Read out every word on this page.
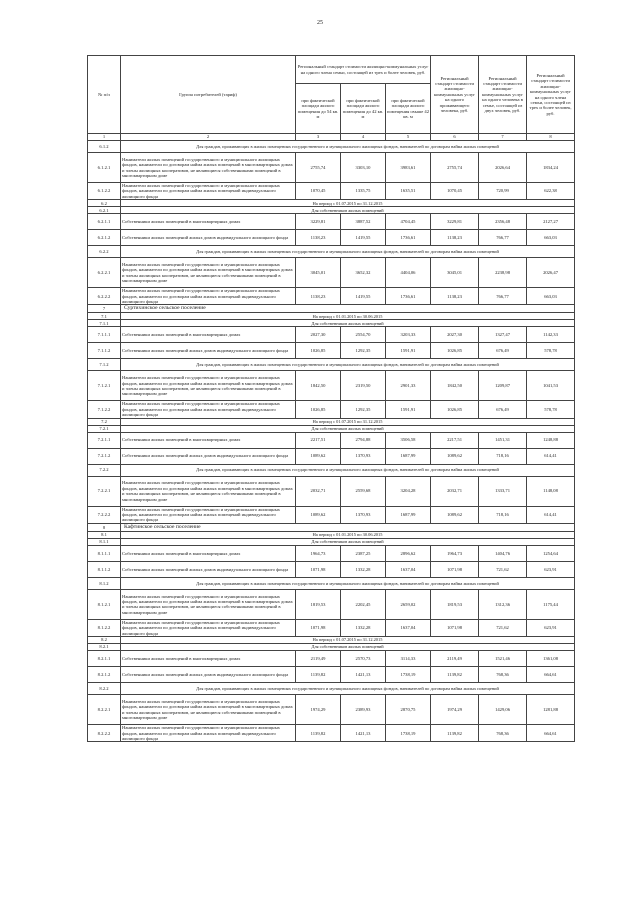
25
№ п/п	Группа потребителей (тариф)	Региональный стандарт стоимости жилищно-коммунальных услуг на одного члена семьи, состоящей из трех и более человек, руб.			Региональный стандарт стоимости жилищно-коммунальных услуг на одного проживающего человека, руб.	Региональный стандарт стоимости жилищно-коммунальных услуг на одного человека в семье, состоящей из двух человек, руб.	Региональный стандарт стоимости жилищно-коммунальных услуг на одного члена семьи, состоящей из трех и более человек, руб.
		при фактической площади жилого помещения до 54 кв. м	при фактической площади жилого помещения до 42 кв. м	при фактической площади жилого помещения свыше 42 кв. м			
1	2	3	4	5	6	7	8
6.1.2	Для граждан, проживающих в жилых помещениях государственного и муниципального жилищных фондов, нанимателей по договорам найма жилых помещений						
6.1.2.1	Наниматели жилых помещений государственного и муниципального жилищных фондов, наниматели по договорам найма жилых помещений в многоквартирных домах и члены жилищных кооперативов, не являющиеся собственниками помещений в многоквартирном доме	2755,74	3303,10	3983,61	2755,74	2026,64	1834,24
6.1.2.2	Наниматели жилых помещений государственного и муниципального жилищных фондов, наниматели по договорам найма жилых помещений индивидуального жилищного фонда	1070,45	1335,75	1635,51	1070,45	720,99	622,38
6.2	На период с 01.07.2015 по 31.12.2015						
6.2.1	Для собственников жилых помещений						
6.2.1.1	Собственники жилых помещений в многоквартирных домах	3229,81	3887,52	4704,45	3229,81	2356,48	2127,27
6.2.1.2	Собственники жилых помещений жилых домов индивидуального жилищного фонда	1138,23	1419,55	1736,61	1138,23	766,77	663,03
6.2.2	Для граждан, проживающих в жилых помещениях государственного и муниципального жилищных фондов, нанимателей по договорам найма жилых помещений						
6.2.2.1	Наниматели жилых помещений государственного и муниципального жилищных фондов, наниматели по договорам найма жилых помещений в многоквартирных домах и члены жилищных кооперативов, не являющиеся собственниками помещений в многоквартирном доме	3045,01	3652,32	4404,06	3045,01	2238,98	2026,47
6.2.2.2	Наниматели жилых помещений государственного и муниципального жилищных фондов, наниматели по договорам найма жилых помещений индивидуального жилищного фонда	1138,23	1419,55	1736,61	1138,23	766,77	663,03
7	Суртихинское сельское поселение						
7.1	На период с 01.01.2015 по 30.06.2015						
7.1.1	Для собственников жилых помещений						
7.1.1.1	Собственники жилых помещений в многоквартирных домах	2027,30	2554,70	3203,33	2027,30	1327,47	1142,33
7.1.1.2	Собственники жилых помещений жилых домов индивидуального жилищного фонда	1026,85	1292,35	1591,91	1026,85	676,49	578,78
7.1.2	Для граждан, проживающих в жилых помещениях государственного и муниципального жилищных фондов, нанимателей по договорам найма жилых помещений						
7.1.2.1	Наниматели жилых помещений государственного и муниципального жилищных фондов, наниматели по договорам найма жилых помещений в многоквартирных домах и члены жилищных кооперативов, не являющиеся собственниками помещений в многоквартирном доме	1842,50	2319,50	2901,33	1842,50	1209,87	1041,53
7.1.2.2	Наниматели жилых помещений государственного и муниципального жилищных фондов, наниматели по договорам найма жилых помещений индивидуального жилищного фонда	1026,85	1292,35	1591,91	1026,85	676,49	578,78
7.2	На период с 01.07.2015 по 31.12.2015						
7.2.1	Для собственников жилых помещений						
7.2.1.1	Собственники жилых помещений в многоквартирных домах	2217,51	2794,88	3506,58	2217,51	1451,31	1248,88
7.2.1.2	Собственники жилых помещений жилых домов индивидуального жилищного фонда	1089,62	1370,93	1687,99	1089,62	718,16	614,41
7.2.2	Для граждан, проживающих в жилых помещениях государственного и муниципального жилищных фондов, нанимателей по договорам найма жилых помещений						
7.2.2.1	Наниматели жилых помещений государственного и муниципального жилищных фондов, наниматели по договорам найма жилых помещений в многоквартирных домах и члены жилищных кооперативов, не являющиеся собственниками помещений в многоквартирном доме	2032,71	2559,68	3204,28	2032,71	1333,71	1148,08
7.2.2.2	Наниматели жилых помещений государственного и муниципального жилищных фондов, наниматели по договорам найма жилых помещений индивидуального жилищного фонда	1089,62	1370,93	1687,99	1089,62	718,16	614,41
8	Кафтинское сельское поселение						
8.1	На период с 01.01.2015 по 30.06.2015						
8.1.1	Для собственников жилых помещений						
8.1.1.1	Собственники жилых помещений в многоквартирных домах	1964,73	2387,25	2896,62	1964,73	1404,76	1254,64
8.1.1.2	Собственники жилых помещений жилых домов индивидуального жилищного фонда	1071,98	1332,28	1637,04	1071,98	721,62	623,91
8.1.2	Для граждан, проживающих в жилых помещениях государственного и муниципального жилищных фондов, нанимателей по договорам найма жилых помещений						
8.1.2.1	Наниматели жилых помещений государственного и муниципального жилищных фондов, наниматели по договорам найма жилых помещений в многоквартирных домах и члены жилищных кооперативов, не являющиеся собственниками помещений в многоквартирном доме	1819,53	2202,45	2659,02	1819,53	1312,36	1175,44
8.1.2.2	Наниматели жилых помещений государственного и муниципального жилищных фондов, наниматели по договорам найма жилых помещений индивидуального жилищного фонда	1071,98	1332,28	1637,04	1071,98	721,62	623,91
8.2	На период с 01.07.2015 по 31.12.2015						
8.2.1	Для собственников жилых помещений						
8.2.1.1	Собственники жилых помещений в многоквартирных домах	2119,49	2570,73	3114,33	2119,49	1521,46	1361,08
8.2.1.2	Собственники жилых помещений жилых домов индивидуального жилищного фонда	1139,82	1421,13	1738,19	1139,82	768,36	664,61
8.2.2	Для граждан, проживающих в жилых помещениях государственного и муниципального жилищных фондов, нанимателей по договорам найма жилых помещений						
8.2.2.1	Наниматели жилых помещений государственного и муниципального жилищных фондов, наниматели по договорам найма жилых помещений в многоквартирных домах и члены жилищных кооперативов, не являющиеся собственниками помещений в многоквартирном доме	1974,29	2389,93	2870,75	1974,29	1429,06	1281,88
8.2.2.2	Наниматели жилых помещений государственного и муниципального жилищных фондов, наниматели по договорам найма жилых помещений индивидуального жилищного фонда	1139,82	1421,13	1738,19	1139,82	768,36	664,61
